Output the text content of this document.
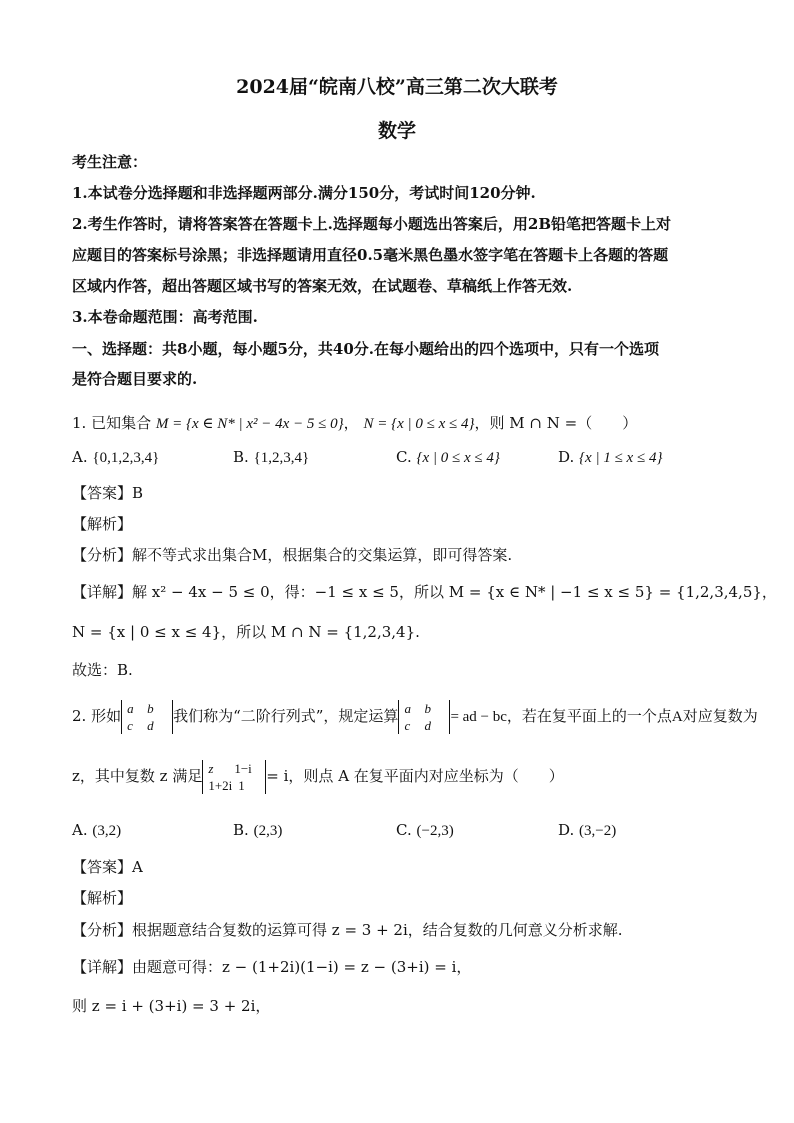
2024届“皖南八校”高三第二次大联考
数学
考生注意：
1.本试卷分选择题和非选择题两部分.满分150分，考试时间120分钟.
2.考生作答时，请将答案答在答题卡上.选择题每小题选出答案后，用2B铅笔把答题卡上对
应题目的答案标号涂黑；非选择题请用直径0.5毫米黑色墨水签字笔在答题卡上各题的答题
区域内作答，超出答题区域书写的答案无效，在试题卷、草稿纸上作答无效.
3.本卷命题范围：高考范围.
一、选择题：共8小题，每小题5分，共40分.在每小题给出的四个选项中，只有一个选项
是符合题目要求的.
1. 已知集合 M = {x ∈ N* | x² − 4x − 5 ≤ 0}， N = {x | 0 ≤ x ≤ 4}，则 M ∩ N =（　　）
A. {0,1,2,3,4}	B. {1,2,3,4}	C. {x | 0 ≤ x ≤ 4}	D. {x | 1 ≤ x ≤ 4}
【答案】B
【解析】
【分析】解不等式求出集合M，根据集合的交集运算，即可得答案.
【详解】解 x² − 4x − 5 ≤ 0，得：−1 ≤ x ≤ 5，所以 M = {x ∈ N* | −1 ≤ x ≤ 5} = {1,2,3,4,5}，
N = {x | 0 ≤ x ≤ 4}，所以 M ∩ N = {1,2,3,4}.
故选：B.
2. 形如 a b
c d
我们称为“二阶行列式”，规定运算 a b
c d
= ad − bc，若在复平面上的一个点A对应复数为
z，其中复数 z 满足 z 1−i
1+2i 1
= i，则点 A 在复平面内对应坐标为（　　）
A. (3,2)	B. (2,3)	C. (−2,3)	D. (3,−2)
【答案】A
【解析】
【分析】根据题意结合复数的运算可得 z = 3 + 2i，结合复数的几何意义分析求解.
【详解】由题意可得：z − (1+2i)(1−i) = z − (3+i) = i，
则 z = i + (3+i) = 3 + 2i，
